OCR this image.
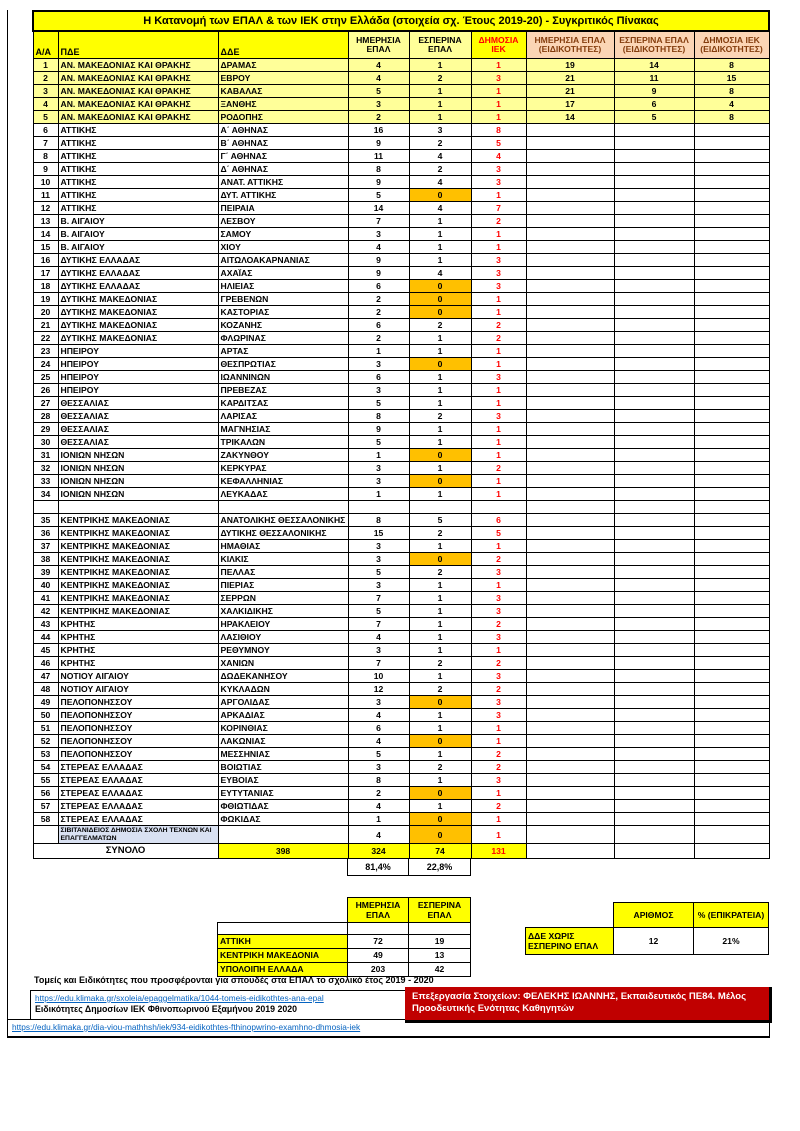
Η Κατανομή των ΕΠΑΛ & των ΙΕΚ στην Ελλάδα (στοιχεία σχ. Έτους 2019-20) - Συγκριτικός Πίνακας								
Α/Α	ΠΔΕ	ΔΔΕ	ΗΜΕΡΗΣΙΑ ΕΠΑΛ	ΕΣΠΕΡΙΝΑ ΕΠΑΛ	ΔΗΜΟΣΙΑ ΙΕΚ	ΗΜΕΡΗΣΙΑ ΕΠΑΛ (ΕΙΔΙΚΟΤΗΤΕΣ)	ΕΣΠΕΡΙΝΑ ΕΠΑΛ (ΕΙΔΙΚΟΤΗΤΕΣ)	ΔΗΜΟΣΙΑ ΙΕΚ (ΕΙΔΙΚΟΤΗΤΕΣ)
1	ΑΝ. ΜΑΚΕΔΟΝΙΑΣ ΚΑΙ ΘΡΑΚΗΣ	ΔΡΑΜΑΣ	4	1	1	19	14	8
2	ΑΝ. ΜΑΚΕΔΟΝΙΑΣ ΚΑΙ ΘΡΑΚΗΣ	ΕΒΡΟΥ	4	2	3	21	11	15
3	ΑΝ. ΜΑΚΕΔΟΝΙΑΣ ΚΑΙ ΘΡΑΚΗΣ	ΚΑΒΑΛΑΣ	5	1	1	21	9	8
4	ΑΝ. ΜΑΚΕΔΟΝΙΑΣ ΚΑΙ ΘΡΑΚΗΣ	ΞΑΝΘΗΣ	3	1	1	17	6	4
5	ΑΝ. ΜΑΚΕΔΟΝΙΑΣ ΚΑΙ ΘΡΑΚΗΣ	ΡΟΔΟΠΗΣ	2	1	1	14	5	8
6	ΑΤΤΙΚΗΣ	Α΄ ΑΘΗΝΑΣ	16	3	8			
7	ΑΤΤΙΚΗΣ	Β΄ ΑΘΗΝΑΣ	9	2	5			
8	ΑΤΤΙΚΗΣ	Γ΄ ΑΘΗΝΑΣ	11	4	4			
9	ΑΤΤΙΚΗΣ	Δ΄ ΑΘΗΝΑΣ	8	2	3			
10	ΑΤΤΙΚΗΣ	ΑΝΑΤ. ΑΤΤΙΚΗΣ	9	4	3			
11	ΑΤΤΙΚΗΣ	ΔΥΤ. ΑΤΤΙΚΗΣ	5	0	1			
12	ΑΤΤΙΚΗΣ	ΠΕΙΡΑΙΑ	14	4	7			
13	Β. ΑΙΓΑΙΟΥ	ΛΕΣΒΟΥ	7	1	2			
14	Β. ΑΙΓΑΙΟΥ	ΣΑΜΟΥ	3	1	1			
15	Β. ΑΙΓΑΙΟΥ	ΧΙΟΥ	4	1	1			
16	ΔΥΤΙΚΗΣ ΕΛΛΑΔΑΣ	ΑΙΤΩΛΟΑΚΑΡΝΑΝΙΑΣ	9	1	3			
17	ΔΥΤΙΚΗΣ ΕΛΛΑΔΑΣ	ΑΧΑΪΑΣ	9	4	3			
18	ΔΥΤΙΚΗΣ ΕΛΛΑΔΑΣ	ΗΛΙΕΙΑΣ	6	0	3			
19	ΔΥΤΙΚΗΣ ΜΑΚΕΔΟΝΙΑΣ	ΓΡΕΒΕΝΩΝ	2	0	1			
20	ΔΥΤΙΚΗΣ ΜΑΚΕΔΟΝΙΑΣ	ΚΑΣΤΟΡΙΑΣ	2	0	1			
21	ΔΥΤΙΚΗΣ ΜΑΚΕΔΟΝΙΑΣ	ΚΟΖΑΝΗΣ	6	2	2			
22	ΔΥΤΙΚΗΣ ΜΑΚΕΔΟΝΙΑΣ	ΦΛΩΡΙΝΑΣ	2	1	2			
23	ΗΠΕΙΡΟΥ	ΑΡΤΑΣ	1	1	1			
24	ΗΠΕΙΡΟΥ	ΘΕΣΠΡΩΤΙΑΣ	3	0	1			
25	ΗΠΕΙΡΟΥ	ΙΩΑΝΝΙΝΩΝ	6	1	3			
26	ΗΠΕΙΡΟΥ	ΠΡΕΒΕΖΑΣ	3	1	1			
27	ΘΕΣΣΑΛΙΑΣ	ΚΑΡΔΙΤΣΑΣ	5	1	1			
28	ΘΕΣΣΑΛΙΑΣ	ΛΑΡΙΣΑΣ	8	2	3			
29	ΘΕΣΣΑΛΙΑΣ	ΜΑΓΝΗΣΙΑΣ	9	1	1			
30	ΘΕΣΣΑΛΙΑΣ	ΤΡΙΚΑΛΩΝ	5	1	1			
31	ΙΟΝΙΩΝ ΝΗΣΩΝ	ΖΑΚΥΝΘΟΥ	1	0	1			
32	ΙΟΝΙΩΝ ΝΗΣΩΝ	ΚΕΡΚΥΡΑΣ	3	1	2			
33	ΙΟΝΙΩΝ ΝΗΣΩΝ	ΚΕΦΑΛΛΗΝΙΑΣ	3	0	1			
34	ΙΟΝΙΩΝ ΝΗΣΩΝ	ΛΕΥΚΑΔΑΣ	1	1	1			

35	ΚΕΝΤΡΙΚΗΣ ΜΑΚΕΔΟΝΙΑΣ	ΑΝΑΤΟΛΙΚΗΣ ΘΕΣΣΑΛΟΝΙΚΗΣ	8	5	6			
36	ΚΕΝΤΡΙΚΗΣ ΜΑΚΕΔΟΝΙΑΣ	ΔΥΤΙΚΗΣ ΘΕΣΣΑΛΟΝΙΚΗΣ	15	2	5			
37	ΚΕΝΤΡΙΚΗΣ ΜΑΚΕΔΟΝΙΑΣ	ΗΜΑΘΙΑΣ	3	1	1			
38	ΚΕΝΤΡΙΚΗΣ ΜΑΚΕΔΟΝΙΑΣ	ΚΙΛΚΙΣ	3	0	2			
39	ΚΕΝΤΡΙΚΗΣ ΜΑΚΕΔΟΝΙΑΣ	ΠΕΛΛΑΣ	5	2	3			
40	ΚΕΝΤΡΙΚΗΣ ΜΑΚΕΔΟΝΙΑΣ	ΠΙΕΡΙΑΣ	3	1	1			
41	ΚΕΝΤΡΙΚΗΣ ΜΑΚΕΔΟΝΙΑΣ	ΣΕΡΡΩΝ	7	1	3			
42	ΚΕΝΤΡΙΚΗΣ ΜΑΚΕΔΟΝΙΑΣ	ΧΑΛΚΙΔΙΚΗΣ	5	1	3			
43	ΚΡΗΤΗΣ	ΗΡΑΚΛΕΙΟΥ	7	1	2			
44	ΚΡΗΤΗΣ	ΛΑΣΙΘΙΟΥ	4	1	3			
45	ΚΡΗΤΗΣ	ΡΕΘΥΜΝΟΥ	3	1	1			
46	ΚΡΗΤΗΣ	ΧΑΝΙΩΝ	7	2	2			
47	ΝΟΤΙΟΥ ΑΙΓΑΙΟΥ	ΔΩΔΕΚΑΝΗΣΟΥ	10	1	3			
48	ΝΟΤΙΟΥ ΑΙΓΑΙΟΥ	ΚΥΚΛΑΔΩΝ	12	2	2			
49	ΠΕΛΟΠΟΝΗΣΣΟΥ	ΑΡΓΟΛΙΔΑΣ	3	0	3			
50	ΠΕΛΟΠΟΝΗΣΣΟΥ	ΑΡΚΑΔΙΑΣ	4	1	3			
51	ΠΕΛΟΠΟΝΗΣΣΟΥ	ΚΟΡΙΝΘΙΑΣ	6	1	1			
52	ΠΕΛΟΠΟΝΗΣΣΟΥ	ΛΑΚΩΝΙΑΣ	4	0	1			
53	ΠΕΛΟΠΟΝΗΣΣΟΥ	ΜΕΣΣΗΝΙΑΣ	5	1	2			
54	ΣΤΕΡΕΑΣ ΕΛΛΑΔΑΣ	ΒΟΙΩΤΙΑΣ	3	2	2			
55	ΣΤΕΡΕΑΣ ΕΛΛΑΔΑΣ	ΕΥΒΟΙΑΣ	8	1	3			
56	ΣΤΕΡΕΑΣ ΕΛΛΑΔΑΣ	ΕΥΤΥΤΑΝΙΑΣ	2	0	1			
57	ΣΤΕΡΕΑΣ ΕΛΛΑΔΑΣ	ΦΘΙΩΤΙΔΑΣ	4	1	2			
58	ΣΤΕΡΕΑΣ ΕΛΛΑΔΑΣ	ΦΩΚΙΔΑΣ	1	0	1			
	ΣΙΒΙΤΑΝΙΔΕΙΟΣ ΔΗΜΟΣΙΑ ΣΧΟΛΗ ΤΕΧΝΩΝ ΚΑΙ ΕΠΑΓΓΕΛΜΑΤΩΝ		4	0	1			
ΣΥΝΟΛΟ		398	324	74	131			
81,4%	22,8%
	ΗΜΕΡΗΣΙΑ ΕΠΑΛ	ΕΣΠΕΡΙΝΑ ΕΠΑΛ

ΑΤΤΙΚΗ	72	19
ΚΕΝΤΡΙΚΗ ΜΑΚΕΔΟΝΙΑ	49	13
ΥΠΟΛΟΙΠΗ ΕΛΛΑΔΑ	203	42
	ΑΡΙΘΜΟΣ	% (ΕΠΙΚΡΑΤΕΙΑ)
ΔΔΕ ΧΩΡΙΣ ΕΣΠΕΡΙΝΟ ΕΠΑΛ	12	21%
Τομείς και Ειδικότητες που προσφέρονται για σπουδές στα ΕΠΑΛ το σχολικό έτος 2019 - 2020
https://edu.klimaka.gr/sxoleia/epaggelmatika/1044-tomeis-eidikothtes-ana-epal
Ειδικότητες Δημοσίων ΙΕΚ Φθινοπωρινού Εξαμήνου 2019 2020
Επεξεργασία Στοιχείων: ΦΕΛΕΚΗΣ ΙΩΑΝΝΗΣ, Εκπαιδευτικός ΠΕ84. Μέλος Προοδευτικής Ενότητας Καθηγητών
https://edu.klimaka.gr/dia-viou-mathhsh/iek/934-eidikothtes-fthinopwrino-examhno-dhmosia-iek
